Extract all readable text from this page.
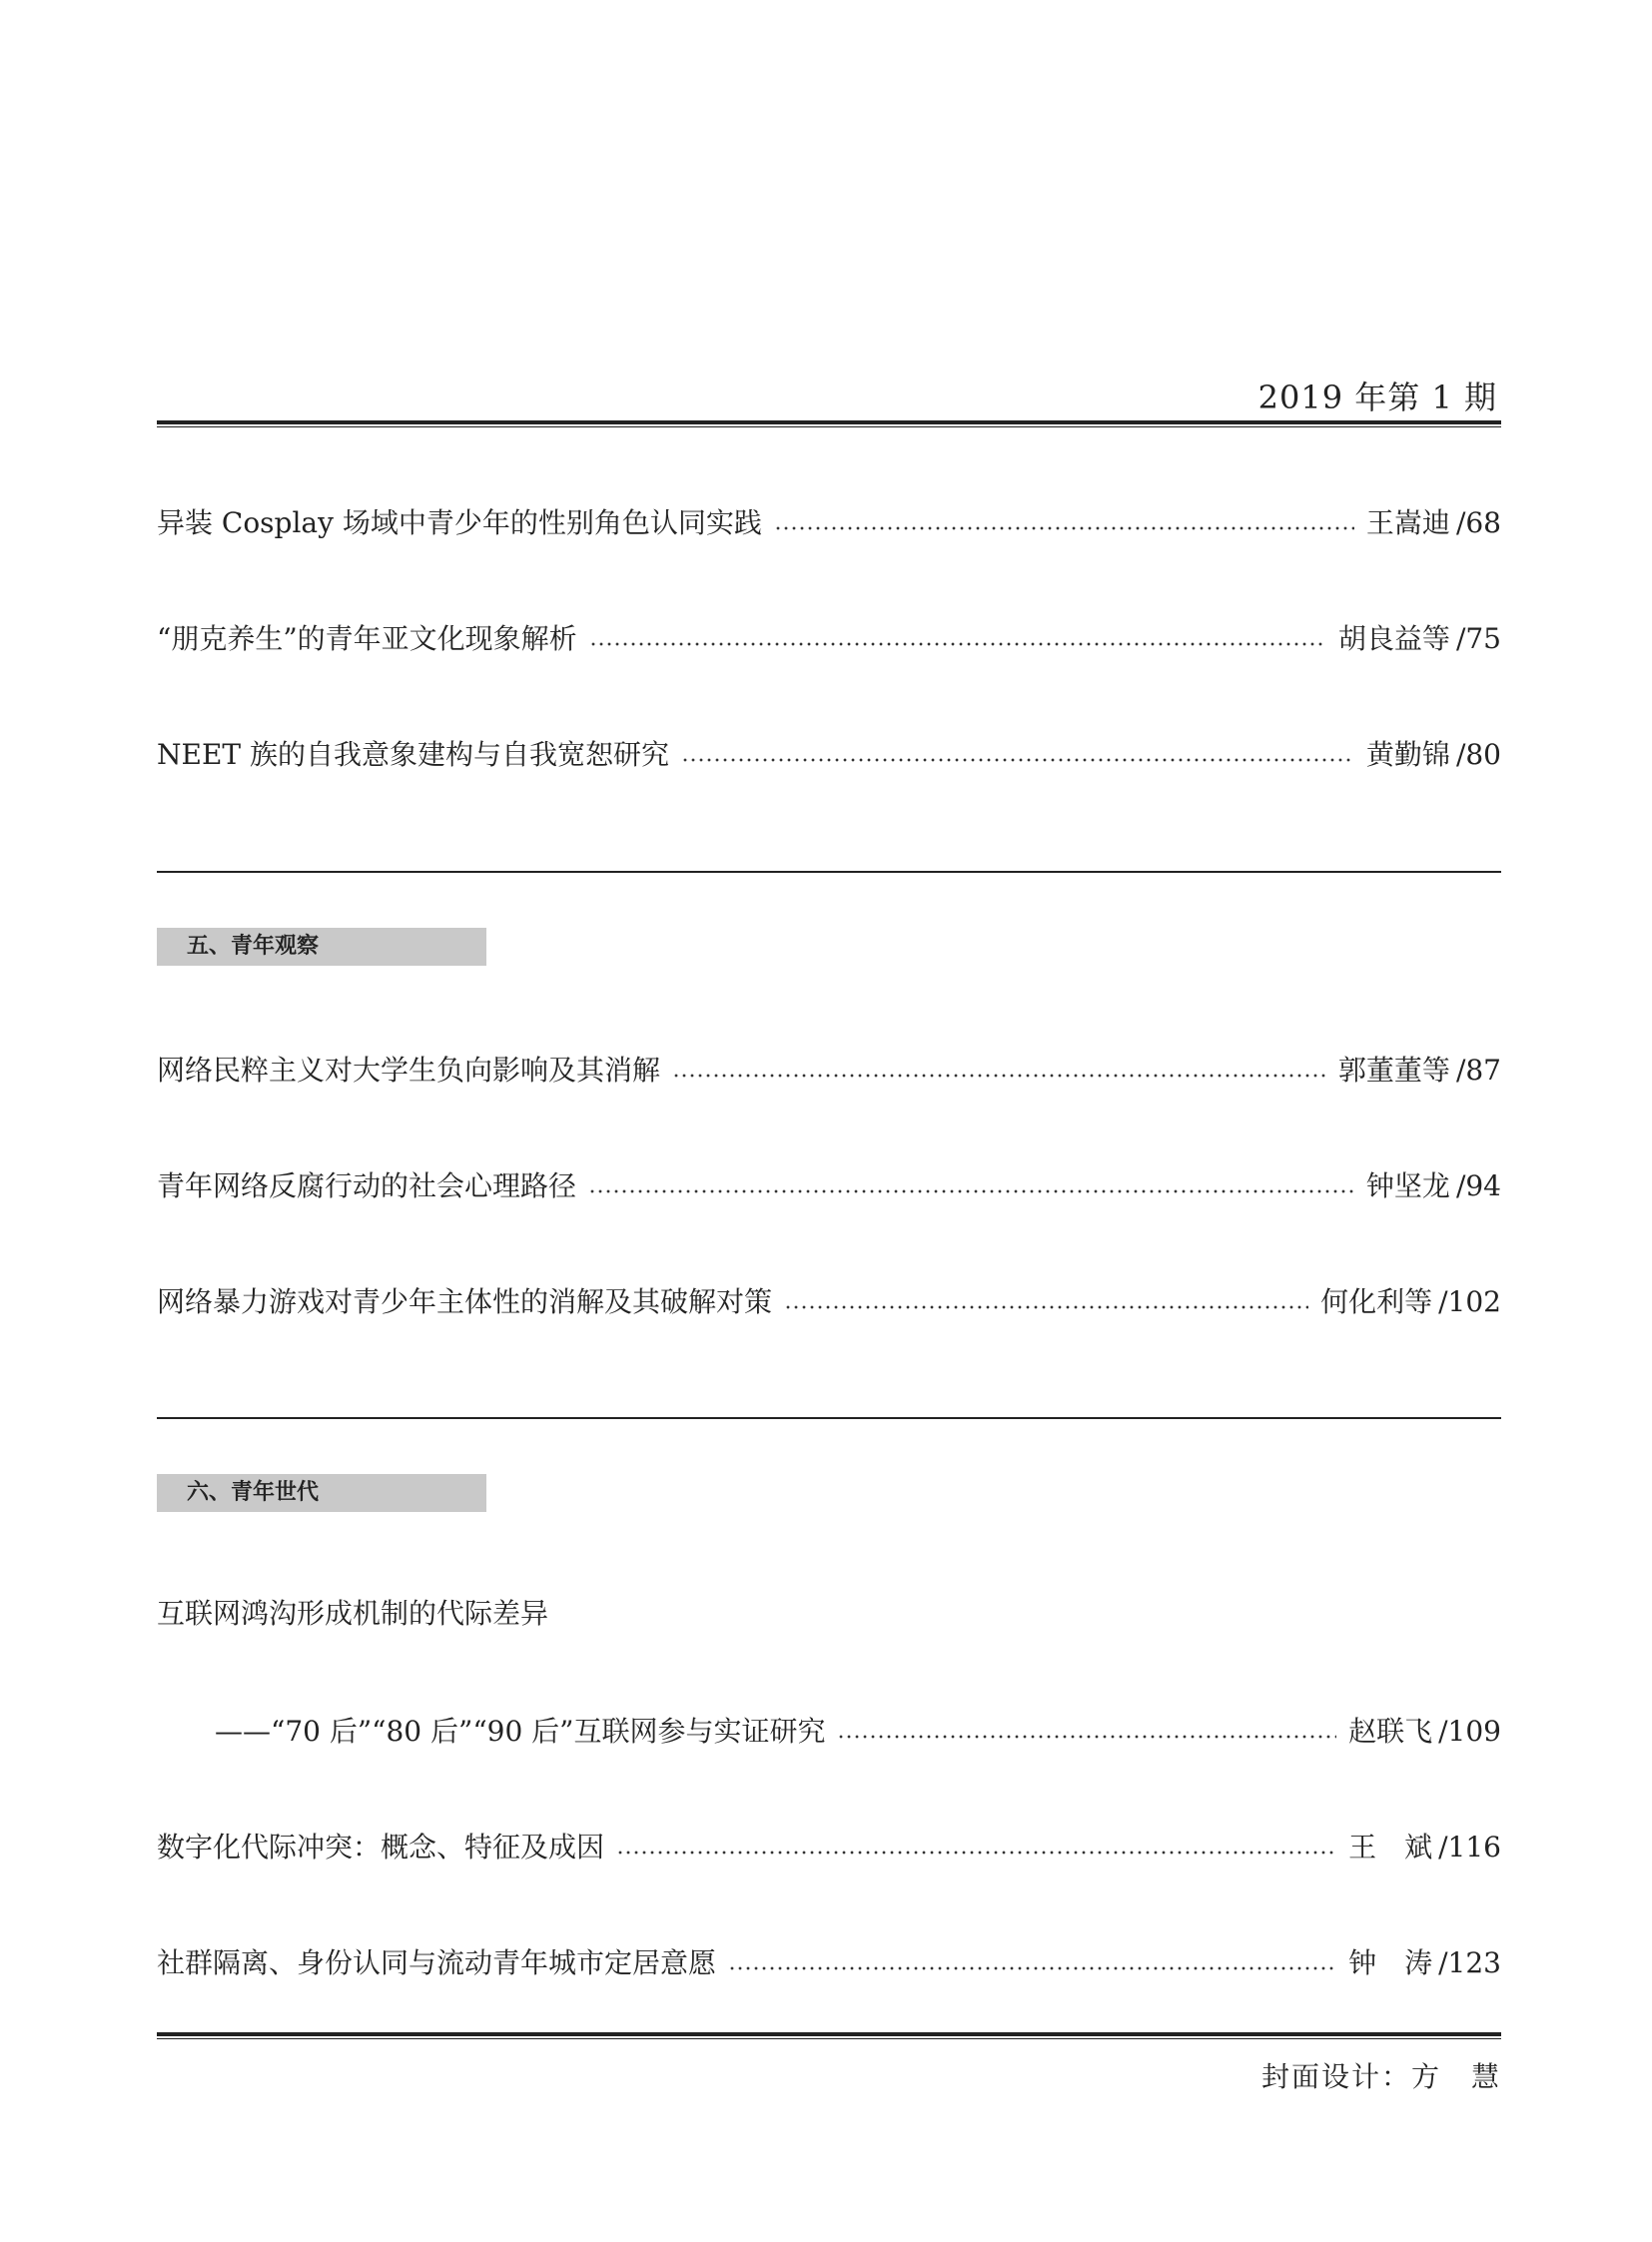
2019 年第 1 期
异装 Cosplay 场域中青少年的性别角色认同实践	王嵩迪 /68
“朋克养生”的青年亚文化现象解析	胡良益等 /75
NEET 族的自我意象建构与自我宽恕研究	黄勤锦 /80
五、青年观察
网络民粹主义对大学生负向影响及其消解	郭董董等 /87
青年网络反腐行动的社会心理路径	钟坚龙 /94
网络暴力游戏对青少年主体性的消解及其破解对策	何化利等 /102
六、青年世代
互联网鸿沟形成机制的代际差异
——“70 后”“80 后”“90 后”互联网参与实证研究	赵联飞 /109
数字化代际冲突：概念、特征及成因	王　斌 /116
社群隔离、身份认同与流动青年城市定居意愿	钟　涛 /123
封面设计：方　慧
